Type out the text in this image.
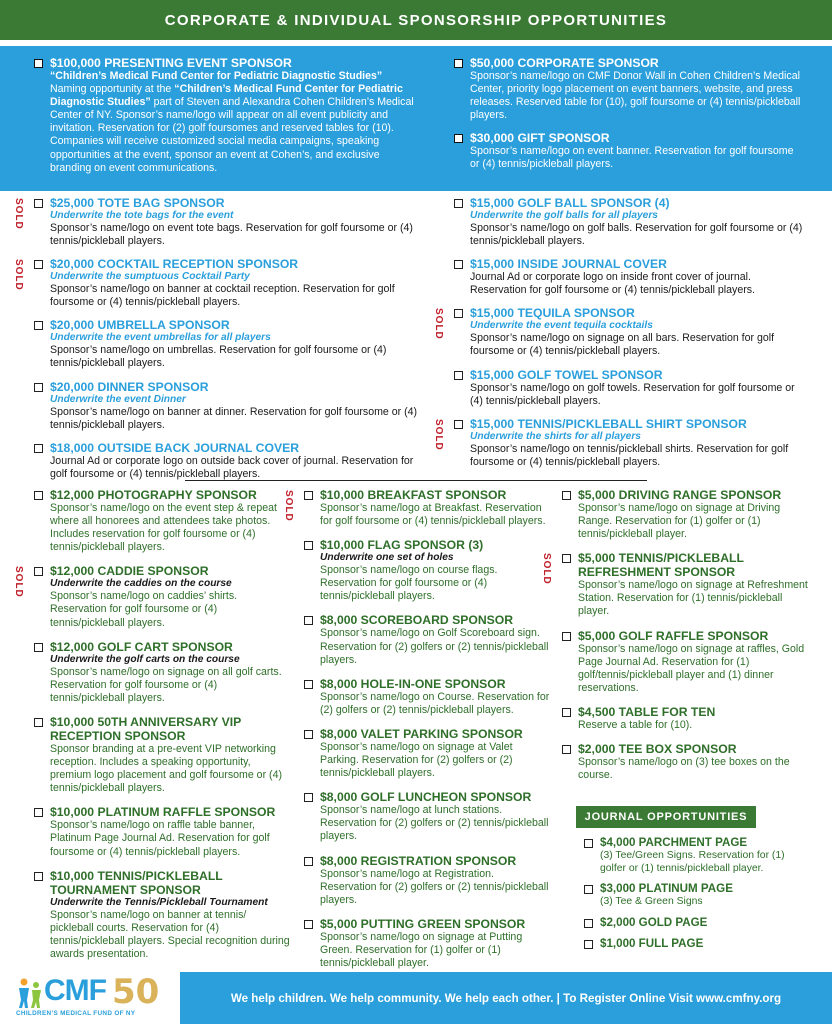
CORPORATE & INDIVIDUAL SPONSORSHIP OPPORTUNITIES
$100,000 PRESENTING EVENT SPONSOR
“Children’s Medical Fund Center for Pediatric Diagnostic Studies” Naming opportunity at the “Children’s Medical Fund Center for Pediatric Diagnostic Studies” part of Steven and Alexandra Cohen Children’s Medical Center of NY. Sponsor’s name/logo will appear on all event publicity and invitation. Reservation for (2) golf foursomes and reserved tables for (10). Companies will receive customized social media campaigns, speaking opportunities at the event, sponsor an event at Cohen’s, and exclusive branding on event communications.
$50,000 CORPORATE SPONSOR
Sponsor’s name/logo on CMF Donor Wall in Cohen Children’s Medical Center, priority logo placement on event banners, website, and press releases. Reserved table for (10), golf foursome or (4) tennis/pickleball players.
$30,000 GIFT SPONSOR
Sponsor’s name/logo on event banner. Reservation for golf foursome or (4) tennis/pickleball players.
SOLD $25,000 TOTE BAG SPONSOR
Underwrite the tote bags for the event
Sponsor’s name/logo on event tote bags. Reservation for golf foursome or (4) tennis/pickleball players.
SOLD $20,000 COCKTAIL RECEPTION SPONSOR
Underwrite the sumptuous Cocktail Party
Sponsor’s name/logo on banner at cocktail reception. Reservation for golf foursome or (4) tennis/pickleball players.
$20,000 UMBRELLA SPONSOR
Underwrite the event umbrellas for all players
Sponsor’s name/logo on umbrellas. Reservation for golf foursome or (4) tennis/pickleball players.
$20,000 DINNER SPONSOR
Underwrite the event Dinner
Sponsor’s name/logo on banner at dinner. Reservation for golf foursome or (4) tennis/pickleball players.
$18,000 OUTSIDE BACK JOURNAL COVER
Journal Ad or corporate logo on outside back cover of journal. Reservation for golf foursome or (4) tennis/pickleball players.
$15,000 GOLF BALL SPONSOR (4)
Underwrite the golf balls for all players
Sponsor’s name/logo on golf balls. Reservation for golf foursome or (4) tennis/pickleball players.
$15,000 INSIDE JOURNAL COVER
Journal Ad or corporate logo on inside front cover of journal. Reservation for golf foursome or (4) tennis/pickleball players.
SOLD $15,000 TEQUILA SPONSOR
Underwrite the event tequila cocktails
Sponsor’s name/logo on signage on all bars. Reservation for golf foursome or (4) tennis/pickleball players.
$15,000 GOLF TOWEL SPONSOR
Sponsor’s name/logo on golf towels. Reservation for golf foursome or (4) tennis/pickleball players.
SOLD $15,000 TENNIS/PICKLEBALL SHIRT SPONSOR
Underwrite the shirts for all players
Sponsor’s name/logo on tennis/pickleball shirts. Reservation for golf foursome or (4) tennis/pickleball players.
$12,000 PHOTOGRAPHY SPONSOR
Sponsor’s name/logo on the event step & repeat where all honorees and attendees take photos. Includes reservation for golf foursome or (4) tennis/pickleball players.
SOLD $12,000 CADDIE SPONSOR
Underwrite the caddies on the course
Sponsor’s name/logo on caddies’ shirts. Reservation for golf foursome or (4) tennis/pickleball players.
$12,000 GOLF CART SPONSOR
Underwrite the golf carts on the course
Sponsor’s name/logo on signage on all golf carts. Reservation for golf foursome or (4) tennis/pickleball players.
$10,000 50TH ANNIVERSARY VIP RECEPTION SPONSOR
Sponsor branding at a pre-event VIP networking reception. Includes a speaking opportunity, premium logo placement and golf foursome or (4) tennis/pickleball players.
$10,000 PLATINUM RAFFLE SPONSOR
Sponsor’s name/logo on raffle table banner, Platinum Page Journal Ad. Reservation for golf foursome or (4) tennis/pickleball players.
$10,000 TENNIS/PICKLEBALL TOURNAMENT SPONSOR
Underwrite the Tennis/Pickleball Tournament
Sponsor’s name/logo on banner at tennis/ pickleball courts. Reservation for (4) tennis/pickleball players. Special recognition during awards presentation.
SOLD $10,000 BREAKFAST SPONSOR
Sponsor’s name/logo at Breakfast. Reservation for golf foursome or (4) tennis/pickleball players.
$10,000 FLAG SPONSOR (3)
Underwrite one set of holes
Sponsor’s name/logo on course flags. Reservation for golf foursome or (4) tennis/pickleball players.
$8,000 SCOREBOARD SPONSOR
Sponsor’s name/logo on Golf Scoreboard sign. Reservation for (2) golfers or (2) tennis/pickleball players.
$8,000 HOLE-IN-ONE SPONSOR
Sponsor’s name/logo on Course. Reservation for (2) golfers or (2) tennis/pickleball players.
$8,000 VALET PARKING SPONSOR
Sponsor’s name/logo on signage at Valet Parking. Reservation for (2) golfers or (2) tennis/pickleball players.
$8,000 GOLF LUNCHEON SPONSOR
Sponsor’s name/logo at lunch stations. Reservation for (2) golfers or (2) tennis/pickleball players.
$8,000 REGISTRATION SPONSOR
Sponsor’s name/logo at Registration. Reservation for (2) golfers or (2) tennis/pickleball players.
$5,000 PUTTING GREEN SPONSOR
Sponsor’s name/logo on signage at Putting Green. Reservation for (1) golfer or (1) tennis/pickleball player.
$5,000 DRIVING RANGE SPONSOR
Sponsor’s name/logo on signage at Driving Range. Reservation for (1) golfer or (1) tennis/pickleball player.
SOLD $5,000 TENNIS/PICKLEBALL REFRESHMENT SPONSOR
Sponsor’s name/logo on signage at Refreshment Station. Reservation for (1) tennis/pickleball player.
$5,000 GOLF RAFFLE SPONSOR
Sponsor’s name/logo on signage at raffles, Gold Page Journal Ad. Reservation for (1) golf/tennis/pickleball player and (1) dinner reservations.
$4,500 TABLE FOR TEN
Reserve a table for (10).
$2,000 TEE BOX SPONSOR
Sponsor’s name/logo on (3) tee boxes on the course.
JOURNAL OPPORTUNITIES
$4,000 PARCHMENT PAGE
(3) Tee/Green Signs. Reservation for (1) golfer or (1) tennis/pickleball player.
$3,000 PLATINUM PAGE
(3) Tee & Green Signs
$2,000 GOLD PAGE
$1,000 FULL PAGE
CMF 50
CHILDREN’S MEDICAL FUND OF NY
We help children. We help community. We help each other. | To Register Online Visit www.cmfny.org
